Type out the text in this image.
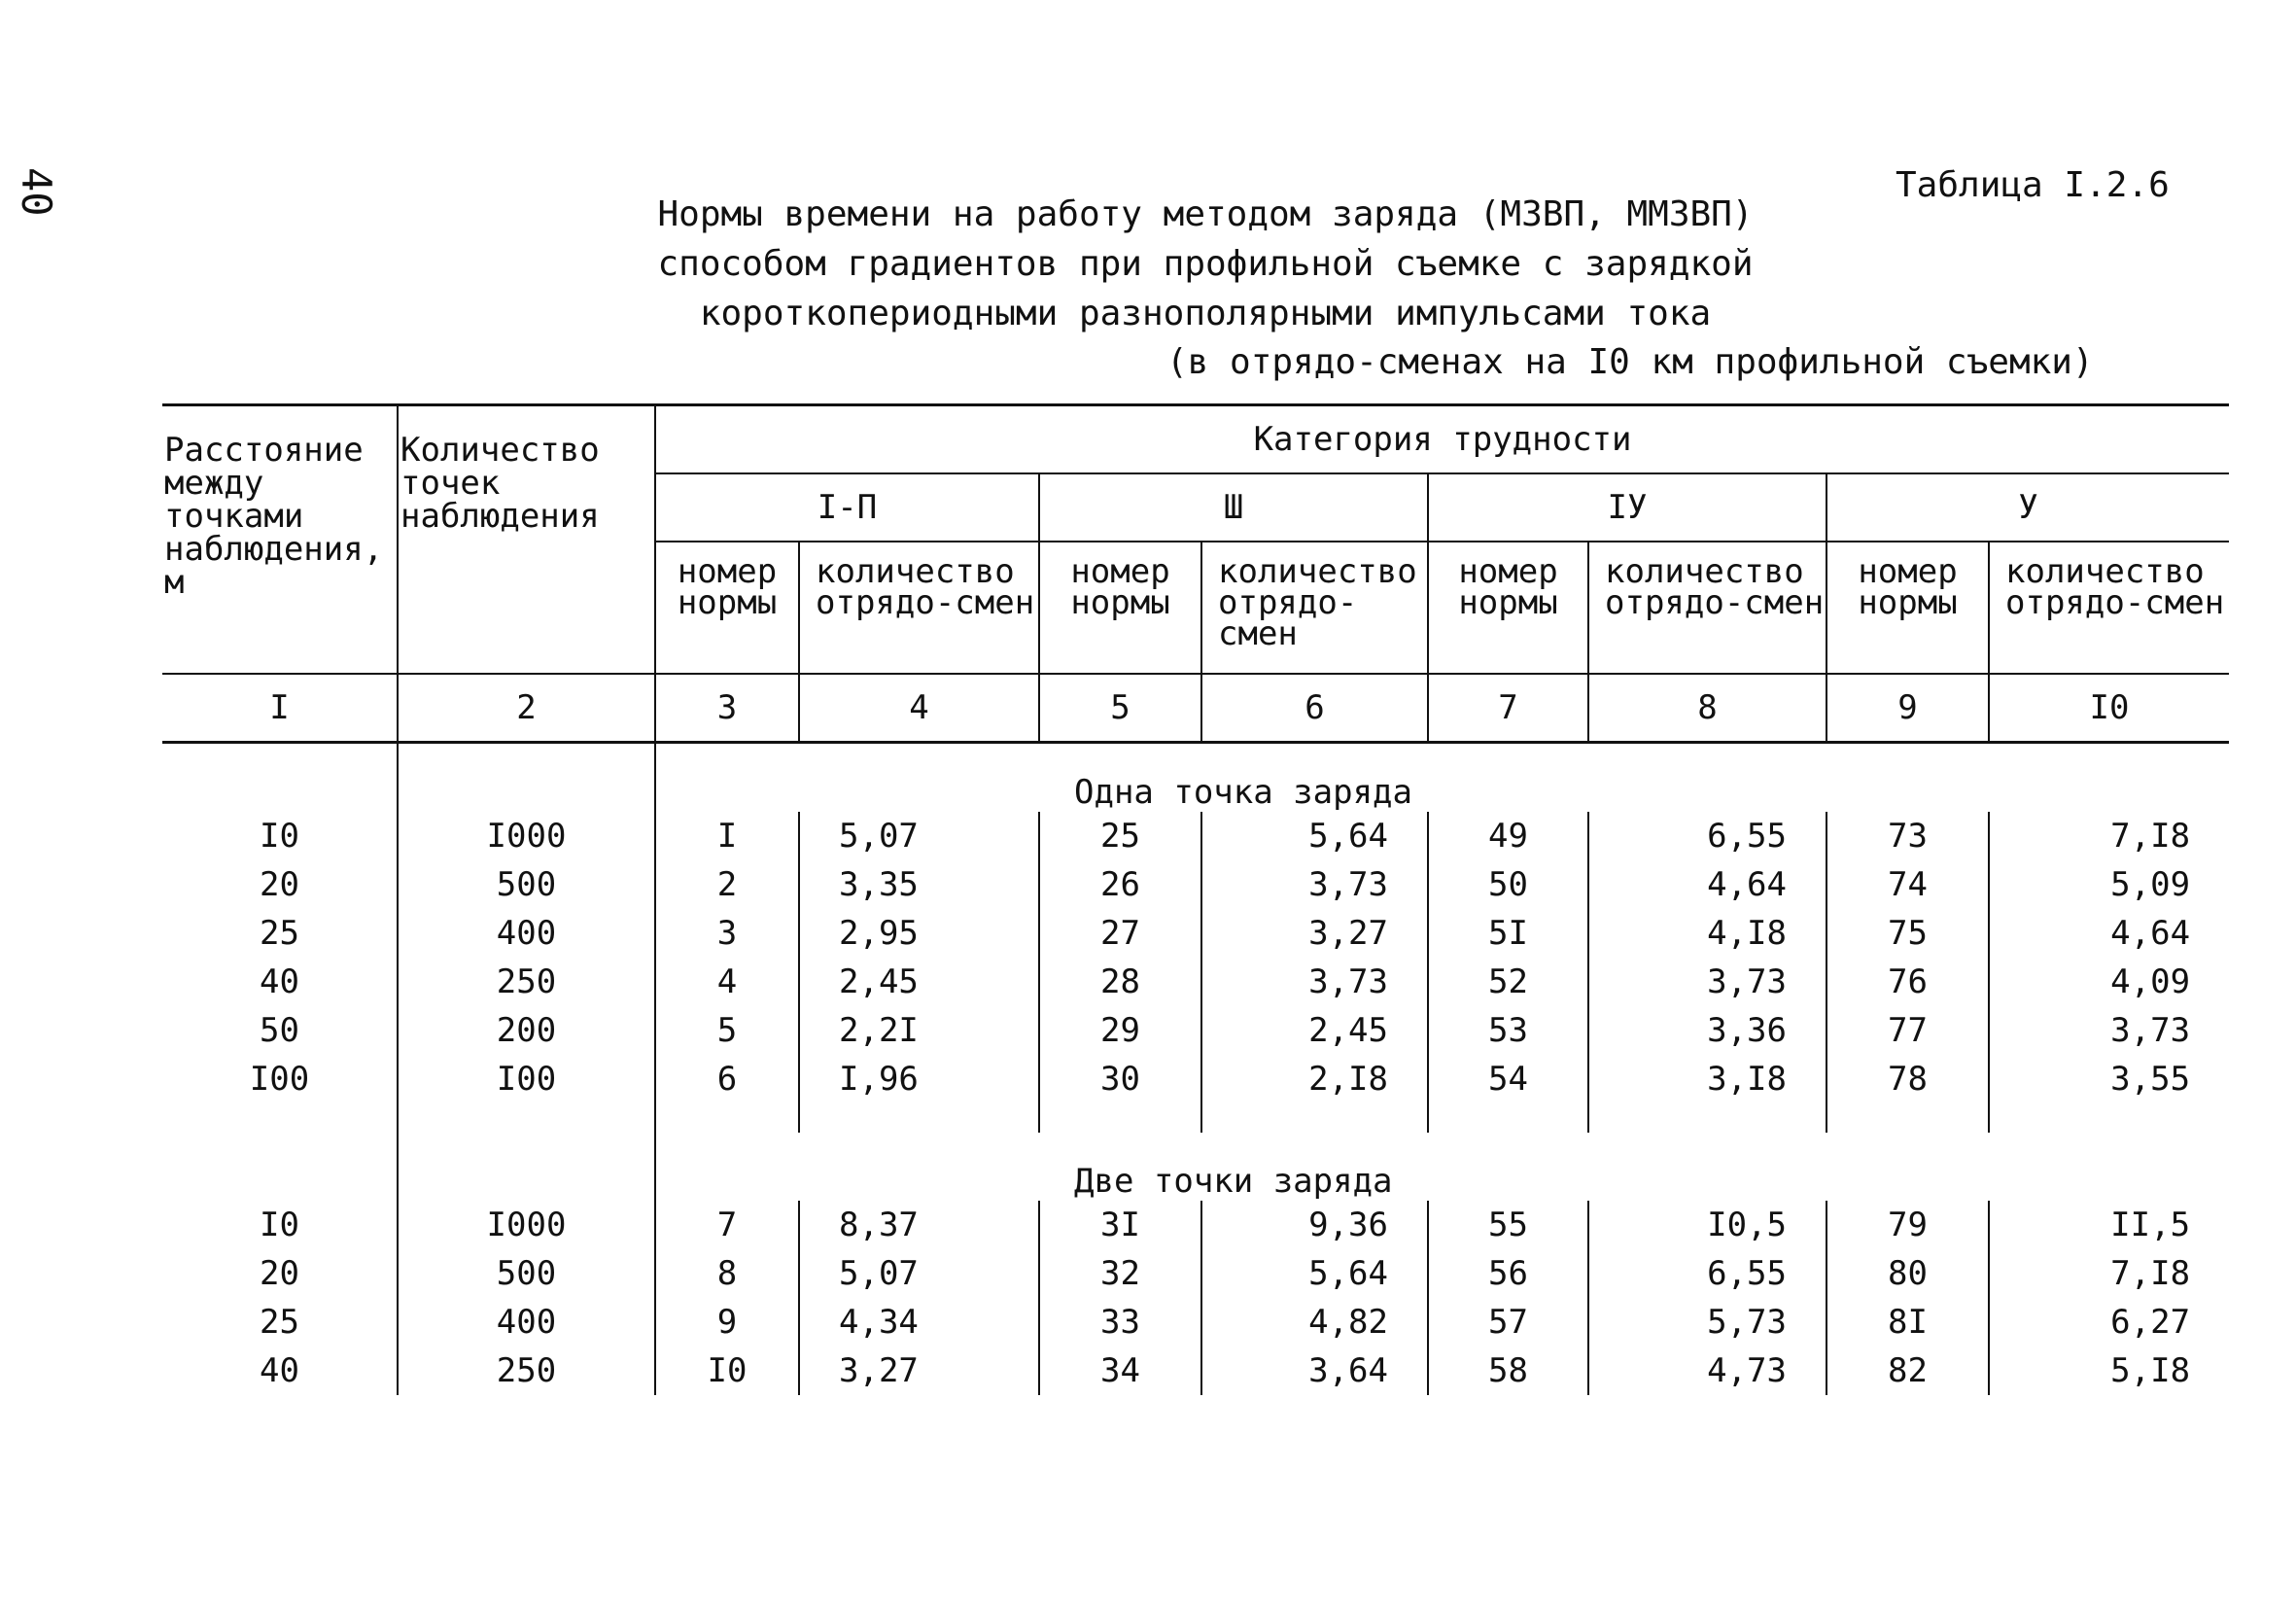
40	Таблица I.2.6
Нормы времени на работу методом заряда (МЗВП, ММЗВП)
способом градиентов при профильной съемке с зарядкой
короткопериодными разнополярными импульсами тока
(в отрядо-сменах на I0 км профильной съемки)
Расстояние между точками наблюдения, м	Количество точек наблюдения	Категория трудности							
		I-П		Ш		IУ		У	
		номер нормы	количество отрядо-смен	номер нормы	количество отрядо-смен	номер нормы	количество отрядо-смен	номер нормы	количество отрядо-смен
I	2	3	4	5	6	7	8	9	I0

		Одна точка заряда							

I0	I000	I	5,07	25	5,64	49	6,55	73	7,I8
20	500	2	3,35	26	3,73	50	4,64	74	5,09
25	400	3	2,95	27	3,27	5I	4,I8	75	4,64
40	250	4	2,45	28	3,73	52	3,73	76	4,09
50	200	5	2,2I	29	2,45	53	3,36	77	3,73
I00	I00	6	I,96	30	2,I8	54	3,I8	78	3,55

		Две точки заряда							

I0	I000	7	8,37	3I	9,36	55	I0,5	79	II,5
20	500	8	5,07	32	5,64	56	6,55	80	7,I8
25	400	9	4,34	33	4,82	57	5,73	8I	6,27
40	250	I0	3,27	34	3,64	58	4,73	82	5,I8
